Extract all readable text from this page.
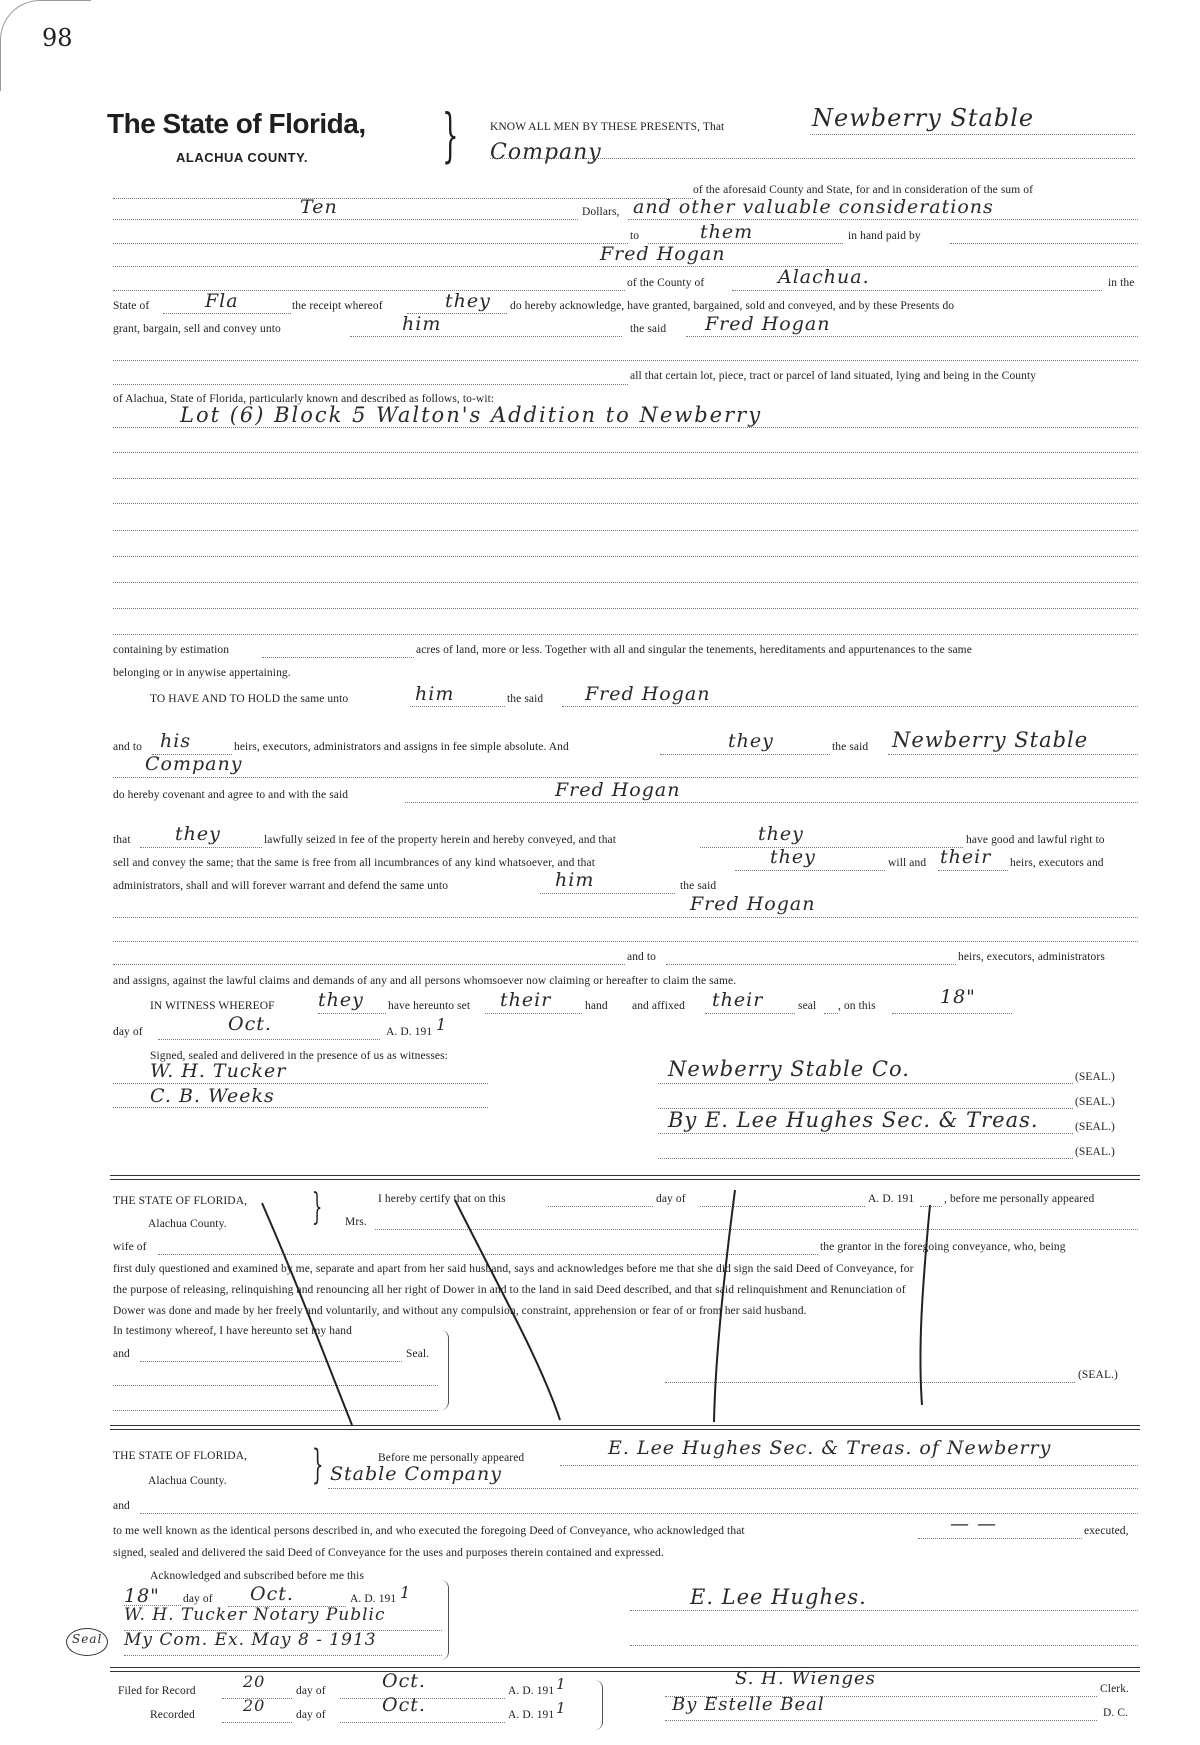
98
The State of Florida,
ALACHUA COUNTY. }	KNOW ALL MEN BY THESE PRESENTS, That	Newberry Stable
Company
of the aforesaid County and State, for and in consideration of the sum of
Ten	Dollars, and other valuable considerations
to	them	in hand paid by
Fred Hogan
of the County of	Alachua.	in the
State of	Fla	the receipt whereof	they do hereby acknowledge, have granted, bargained, sold and conveyed, and by these Presents do
grant, bargain, sell and convey unto	him	the said Fred Hogan
all that certain lot, piece, tract or parcel of land situated, lying and being in the County
of Alachua, State of Florida, particularly known and described as follows, to-wit:
Lot (6) Block 5 Walton's Addition to Newberry
containing by estimation	acres of land, more or less. Together with all and singular the tenements, hereditaments and appurtenances to the same
belonging or in anywise appertaining.
TO HAVE AND TO HOLD the same unto	him	the said Fred Hogan
and to his	heirs, executors, administrators and assigns in fee simple absolute. And	they	the said Newberry Stable
Company
do hereby covenant and agree to and with the said	Fred Hogan
that they	lawfully seized in fee of the property herein and hereby conveyed, and that	they	have good and lawful right to
sell and convey the same; that the same is free from all incumbrances of any kind whatsoever, and that	they	will and their heirs, executors and
administrators, shall and will forever warrant and defend the same unto	him	the said
Fred Hogan
and to	heirs, executors, administrators
and assigns, against the lawful claims and demands of any and all persons whomsoever now claiming or hereafter to claim the same.
IN WITNESS WHEREOF they have hereunto set their	hand and affixed their	seal , on this	18"
day of	Oct.	A. D. 191 1
Signed, sealed and delivered in the presence of us as witnesses:
W. H. Tucker
C. B. Weeks
Newberry Stable Co.	(SEAL.)
(SEAL.)
By E. Lee Hughes Sec. & Treas.	(SEAL.)
(SEAL.)
THE STATE OF FLORIDA,
Alachua County. }	I hereby certify that on this	day of	A. D. 191	, before me personally appeared
Mrs.
wife of	the grantor in the foregoing conveyance, who, being
first duly questioned and examined by me, separate and apart from her said husband, says and acknowledges before me that she did sign the said Deed of Conveyance, for
the purpose of releasing, relinquishing and renouncing all her right of Dower in and to the land in said Deed described, and that said relinquishment and Renunciation of
Dower was done and made by her freely and voluntarily, and without any compulsion, constraint, apprehension or fear of or from her said husband.
In testimony whereof, I have hereunto set my hand
and	Seal.
(SEAL.)
THE STATE OF FLORIDA,
Alachua County. }	Before me personally appeared	E. Lee Hughes Sec. & Treas. of Newberry
Stable Company
and
to me well known as the identical persons described in, and who executed the foregoing Deed of Conveyance, who acknowledged that	— —	executed,
signed, sealed and delivered the said Deed of Conveyance for the uses and purposes therein contained and expressed.
Acknowledged and subscribed before me this
18" day of Oct.	A. D. 191 1
W. H. Tucker Notary Public
My Com. Ex. May 8 - 1913
Seal
E. Lee Hughes.
Filed for Record	20	day of	Oct.	A. D. 191 1
Recorded	20	day of	Oct.	A. D. 191 1
S. H. Wienges	Clerk.
By Estelle Beal	D. C.
